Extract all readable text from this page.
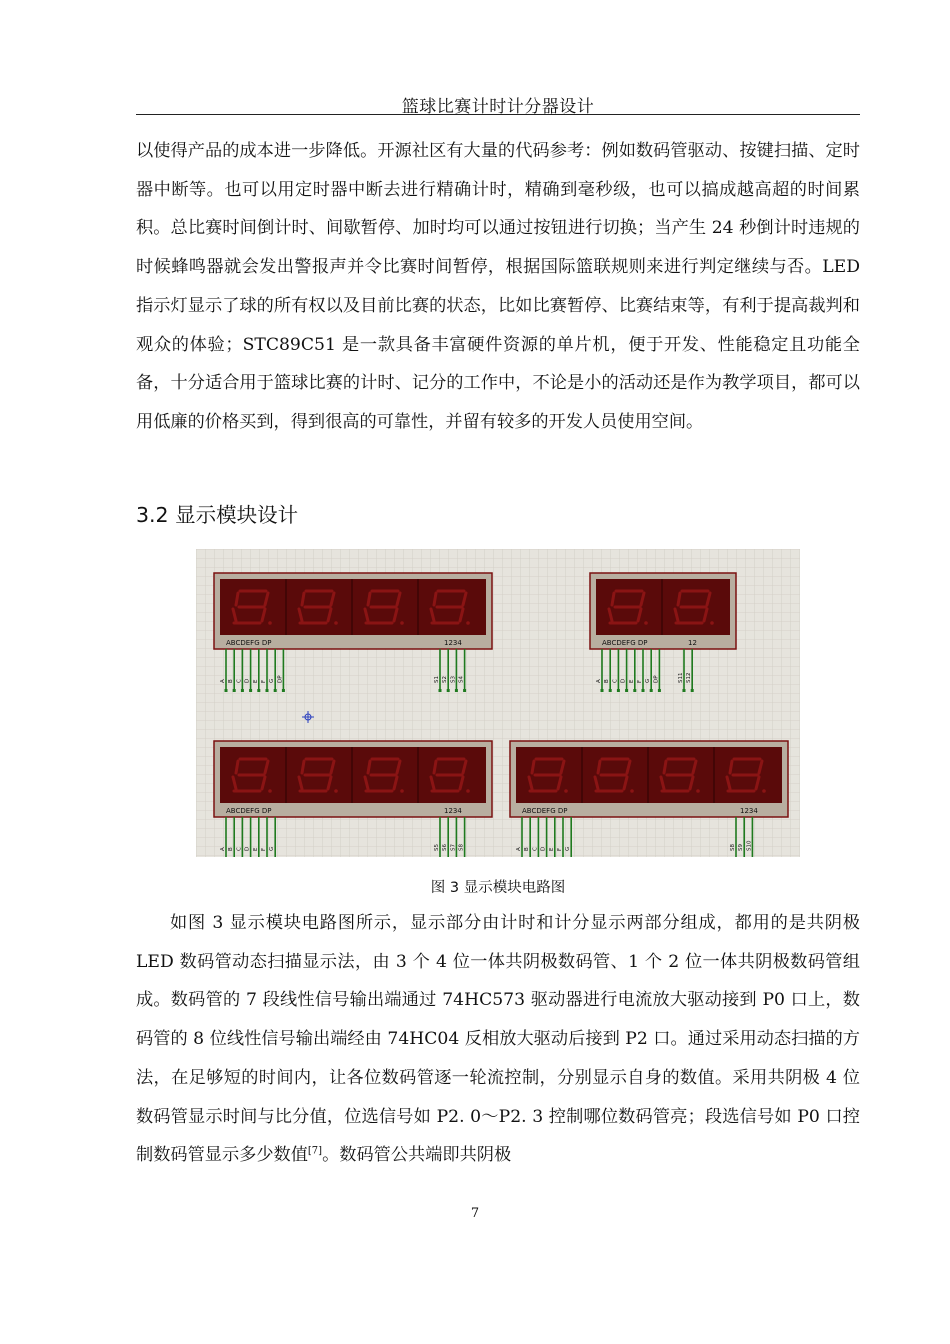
篮球比赛计时计分器设计

以使得产品的成本进一步降低。开源社区有大量的代码参考：例如数码管驱动、按键扫描、定时器中断等。也可以用定时器中断去进行精确计时，精确到毫秒级，也可以搞成越高超的时间累积。总比赛时间倒计时、间歇暂停、加时均可以通过按钮进行切换；当产生 24 秒倒计时违规的时候蜂鸣器就会发出警报声并令比赛时间暂停，根据国际篮联规则来进行判定继续与否。LED 指示灯显示了球的所有权以及目前比赛的状态，比如比赛暂停、比赛结束等，有利于提高裁判和观众的体验；STC89C51 是一款具备丰富硬件资源的单片机，便于开发、性能稳定且功能全备，十分适合用于篮球比赛的计时、记分的工作中，不论是小的活动还是作为教学项目，都可以用低廉的价格买到，得到很高的可靠性，并留有较多的开发人员使用空间。

3.2 显示模块设计
ABCDEFG DP	1234
A B C D E F G DP	S1 S2 S3 S4
ABCDEFG DP	12
A B C D E F G DP	S11 S12
ABCDEFG DP	1234
A B C D E F G	S5 S6 S7 S8
ABCDEFG DP	1234
A B C D E F G	S8 S9 S10
图 3 显示模块电路图

如图 3 显示模块电路图所示，显示部分由计时和计分显示两部分组成，都用的是共阴极 LED 数码管动态扫描显示法，由 3 个 4 位一体共阴极数码管、1 个 2 位一体共阴极数码管组成。数码管的 7 段线性信号输出端通过 74HC573 驱动器进行电流放大驱动接到 P0 口上，数码管的 8 位线性信号输出端经由 74HC04 反相放大驱动后接到 P2 口。通过采用动态扫描的方法，在足够短的时间内，让各位数码管逐一轮流控制，分别显示自身的数值。采用共阴极 4 位数码管显示时间与比分值，位选信号如 P2. 0～P2. 3 控制哪位数码管亮；段选信号如 P0 口控制数码管显示多少数值[7]。数码管公共端即共阴极

7
